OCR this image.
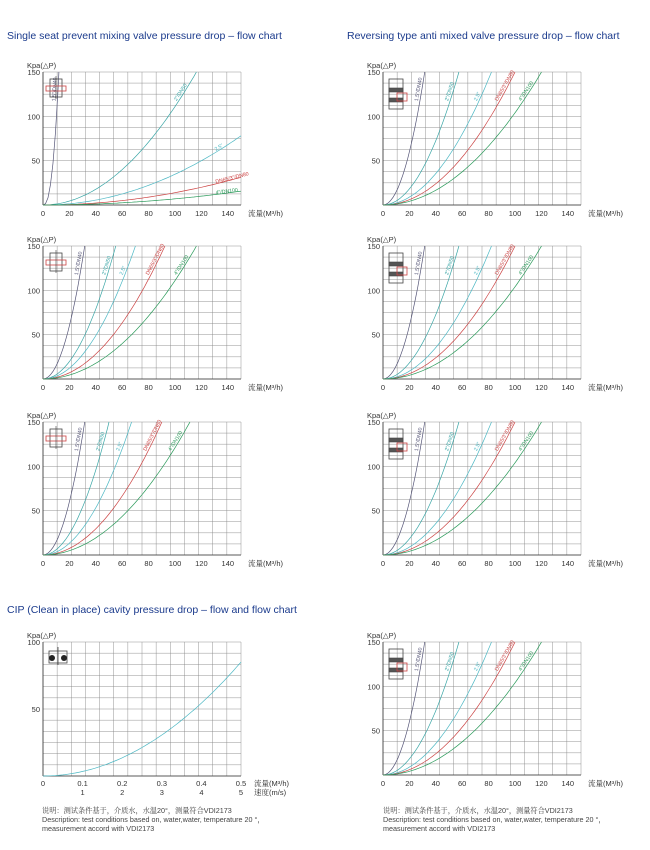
Single seat prevent mixing valve pressure drop – flow chart	Reversing type anti mixed valve pressure drop – flow chart
CIP (Clean in place) cavity pressure drop – flow and flow chart
Kpa(△P)
50
100
150
0	20 40 60 80 100 120 140 流量(M³/h)
1.5"/DN40	2"/DN50
2.5"
DN65/3"/DN80
4"/DN100
Kpa(△P)
50
100
150
0	20 40 60 80 100 120 140 流量(M³/h)
1.5"/DN40	2"/DN50	2.5" DN65/3"/DN80 4"/DN100
Kpa(△P)
50
100
150
0	20 40 60 80 100 120 140 流量(M³/h)
1.5"/DN40	2"/DN50 2.5"	DN65/3"/DN80 4"/DN100
Kpa(△P)
50
100
150
0	20 40 60 80 100 120 140 流量(M³/h)
1.5"/DN40	2"/DN50	2.5" DN65/3"/DN80 4"/DN100
Kpa(△P)
50
100
150
0	20 40 60 80 100 120 140 流量(M³/h)
1.5"/DN40 2"/DN50 2.5"	DN65/3"/DN80 4"/DN100
Kpa(△P)
50
100
150
0	20 40 60 80 100 120 140 流量(M³/h)
1.5"/DN40	2"/DN50	2.5" DN65/3"/DN80 4"/DN100
Kpa(△P)
50
100
0	0.1	0.2	0.3	0.4	0.5
1	2	3	4	5
流量(M³/h)
速度(m/s)
Kpa(△P)
50
100
150
0	20 40 60 80 100 120 140 流量(M³/h)
1.5"/DN40	2"/DN50	2.5" DN65/3"/DN80 4"/DN100
说明：测试条件基于，介质水，水温20°，测量符合VDI2173
Description: test conditions based on, water,water, temperature 20 °，
measurement accord with VDI2173
说明：测试条件基于，介质水，水温20°，测量符合VDI2173
Description: test conditions based on, water,water, temperature 20 °，
measurement accord with VDI2173
